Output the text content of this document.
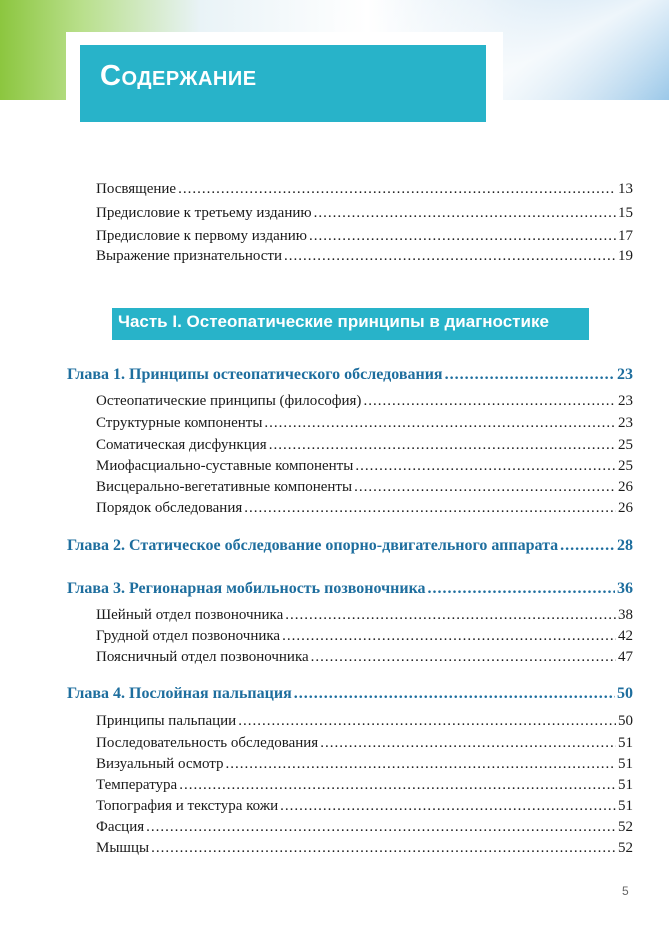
Содержание
Посвящение .....	13
Предисловие к третьему изданию .....	15
Предисловие к первому изданию .....	17
Выражение признательности .....	19
Часть I. Остеопатические принципы в диагностике
Глава 1. Принципы остеопатического обследования .....	23
Остеопатические принципы (философия) .....	23
Структурные компоненты .....	23
Соматическая дисфункция .....	25
Миофасциально-суставные компоненты .....	25
Висцерально-вегетативные компоненты .....	26
Порядок обследования .....	26
Глава 2. Статическое обследование опорно-двигательного аппарата .....	28
Глава 3. Регионарная мобильность позвоночника .....	36
Шейный отдел позвоночника .....	38
Грудной отдел позвоночника .....	42
Поясничный отдел позвоночника .....	47
Глава 4. Послойная пальпация .....	50
Принципы пальпации .....	50
Последовательность обследования .....	51
Визуальный осмотр .....	51
Температура .....	51
Топография и текстура кожи .....	51
Фасция .....	52
Мышцы .....	52
5
